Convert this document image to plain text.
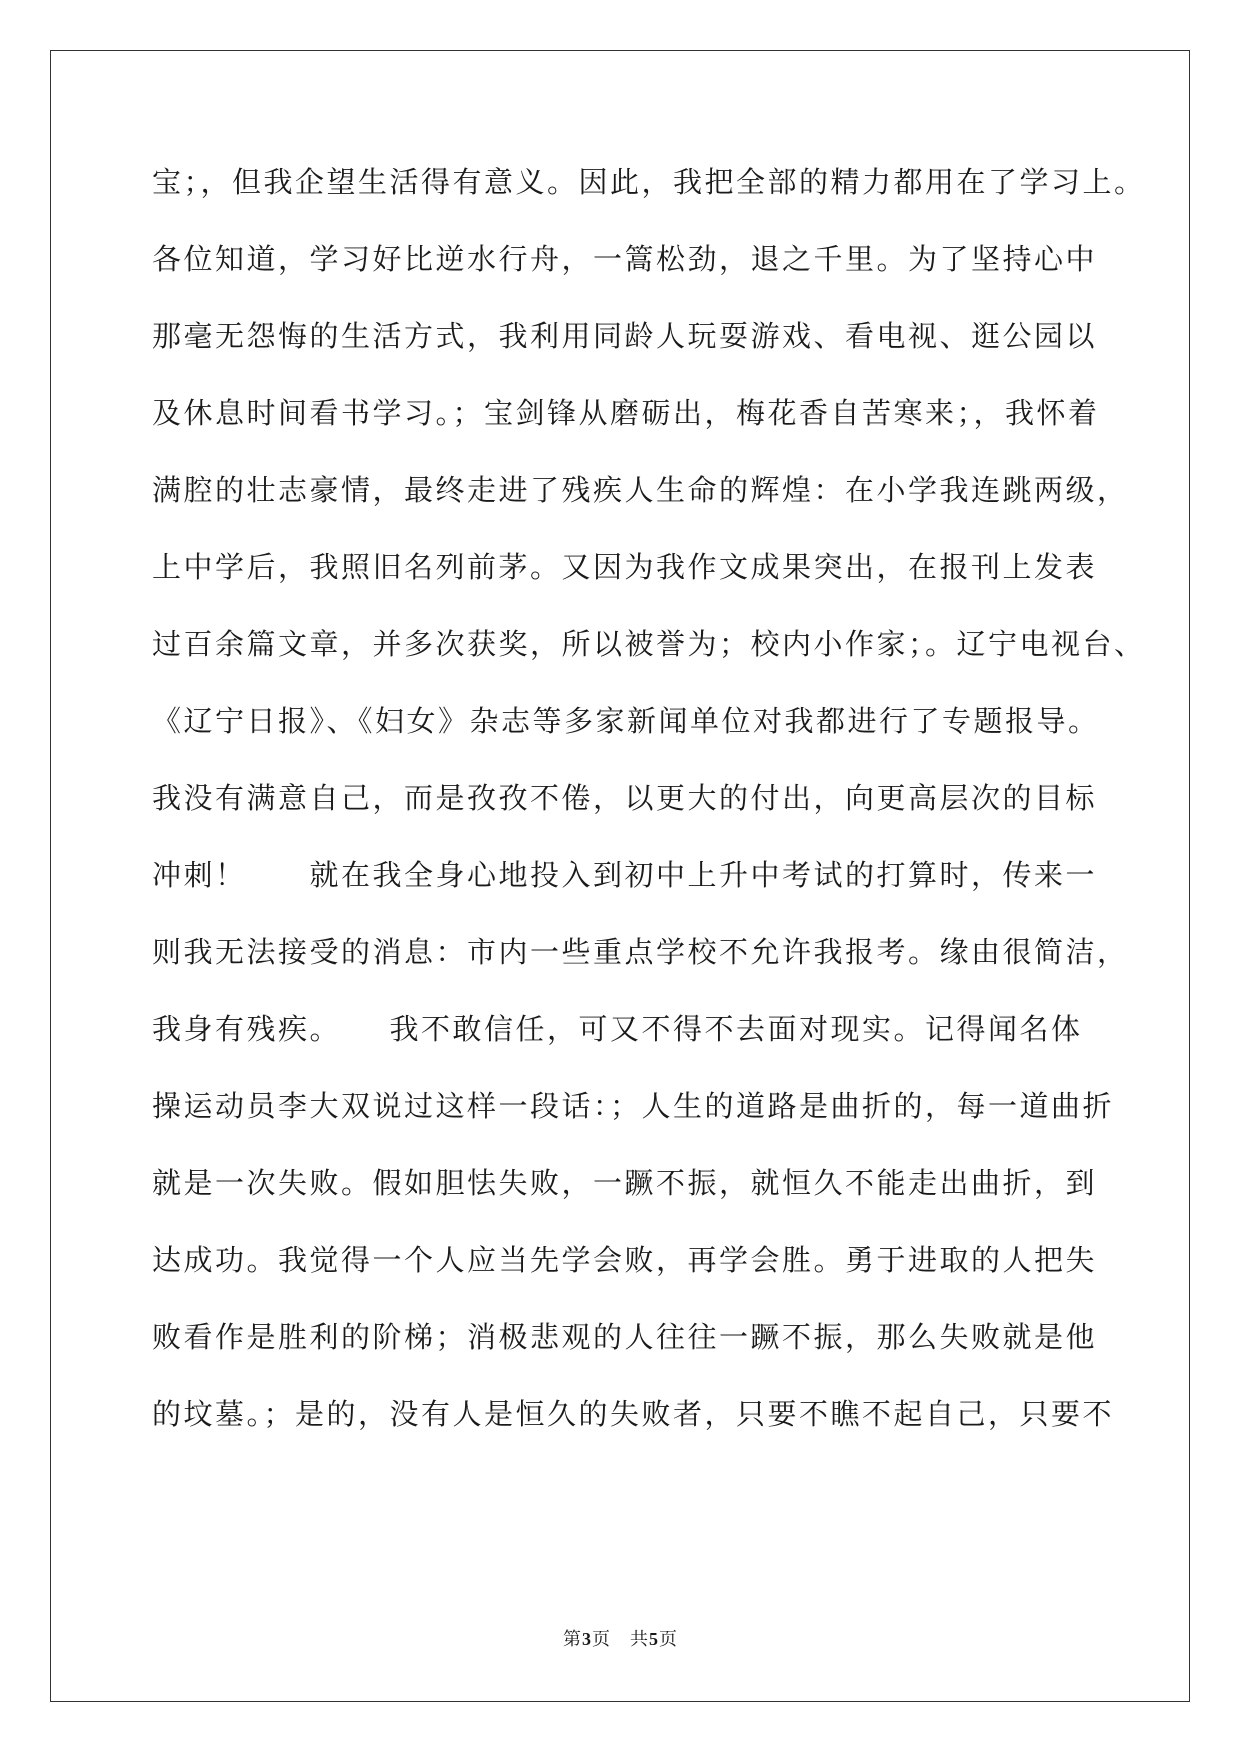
宝；，但我企望生活得有意义。因此，我把全部的精力都用在了学习上。
各位知道，学习好比逆水行舟，一篙松劲，退之千里。为了坚持心中
那毫无怨悔的生活方式，我利用同龄人玩耍游戏、看电视、逛公园以
及休息时间看书学习。；宝剑锋从磨砺出，梅花香自苦寒来；，我怀着
满腔的壮志豪情，最终走进了残疾人生命的辉煌：在小学我连跳两级，
上中学后，我照旧名列前茅。又因为我作文成果突出，在报刊上发表
过百余篇文章，并多次获奖，所以被誉为；校内小作家；。辽宁电视台、
《辽宁日报》、《妇女》杂志等多家新闻单位对我都进行了专题报导。
我没有满意自己，而是孜孜不倦，以更大的付出，向更高层次的目标
冲刺！　　就在我全身心地投入到初中上升中考试的打算时，传来一
则我无法接受的消息：市内一些重点学校不允许我报考。缘由很简洁，
我身有残疾。　　我不敢信任，可又不得不去面对现实。记得闻名体
操运动员李大双说过这样一段话：；人生的道路是曲折的，每一道曲折
就是一次失败。假如胆怯失败，一蹶不振，就恒久不能走出曲折，到
达成功。我觉得一个人应当先学会败，再学会胜。勇于进取的人把失
败看作是胜利的阶梯；消极悲观的人往往一蹶不振，那么失败就是他
的坟墓。；是的，没有人是恒久的失败者，只要不瞧不起自己，只要不
第3页　共5页
